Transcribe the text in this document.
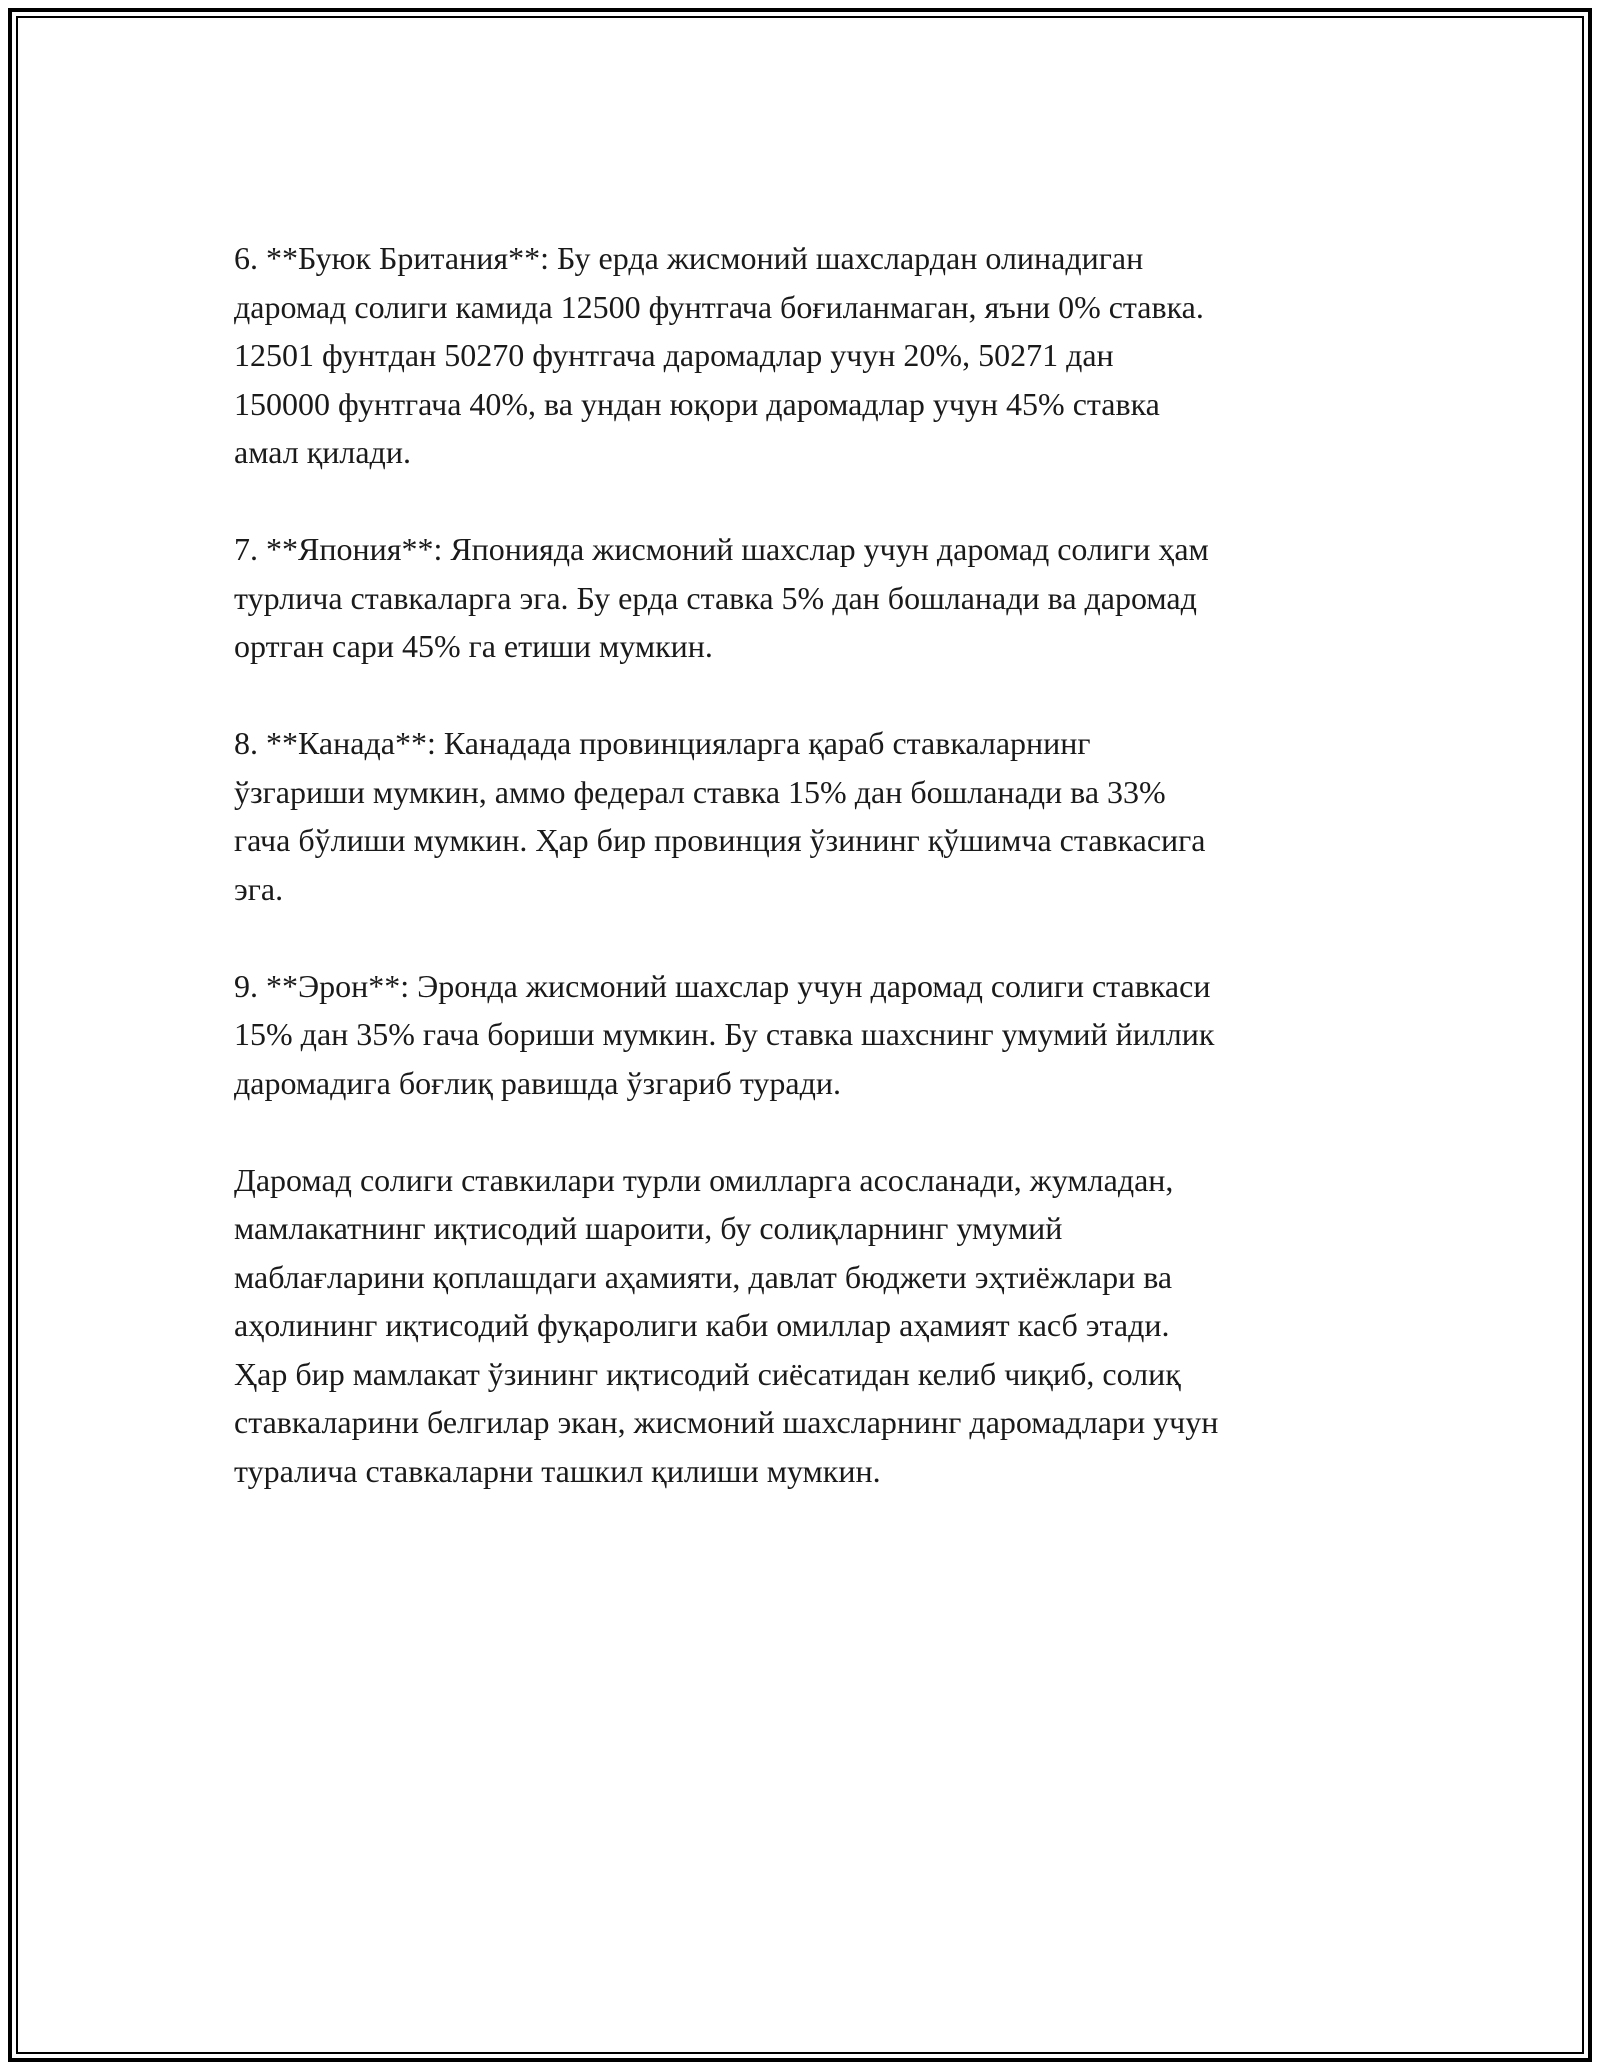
6. **Буюк Британия**: Бу ерда жисмоний шахслардан олинадиган
даромад солиги камида 12500 фунтгача боғиланмаган, яъни 0% ставка.
12501 фунтдан 50270 фунтгача даромадлар учун 20%, 50271 дан
150000 фунтгача 40%, ва ундан юқори даромадлар учун 45% ставка
амал қилади.

7. **Япония**: Японияда жисмоний шахслар учун даромад солиги ҳам
турлича ставкаларга эга. Бу ерда ставка 5% дан бошланади ва даромад
ортган сари 45% га етиши мумкин.

8. **Канада**: Канадада провинцияларга қараб ставкаларнинг
ўзгариши мумкин, аммо федерал ставка 15% дан бошланади ва 33%
гача бўлиши мумкин. Ҳар бир провинция ўзининг қўшимча ставкасига
эга.

9. **Эрон**: Эронда жисмоний шахслар учун даромад солиги ставкаси
15% дан 35% гача бориши мумкин. Бу ставка шахснинг умумий йиллик
даромадига боғлиқ равишда ўзгариб туради.

Даромад солиги ставкилари турли омилларга асосланади, жумладан,
мамлакатнинг иқтисодий шароити, бу солиқларнинг умумий
маблағларини қоплашдаги аҳамияти, давлат бюджети эҳтиёжлари ва
аҳолининг иқтисодий фуқаролиги каби омиллар аҳамият касб этади.
Ҳар бир мамлакат ўзининг иқтисодий сиёсатидан келиб чиқиб, солиқ
ставкаларини белгилар экан, жисмоний шахсларнинг даромадлари учун
туралича ставкаларни ташкил қилиши мумкин.
